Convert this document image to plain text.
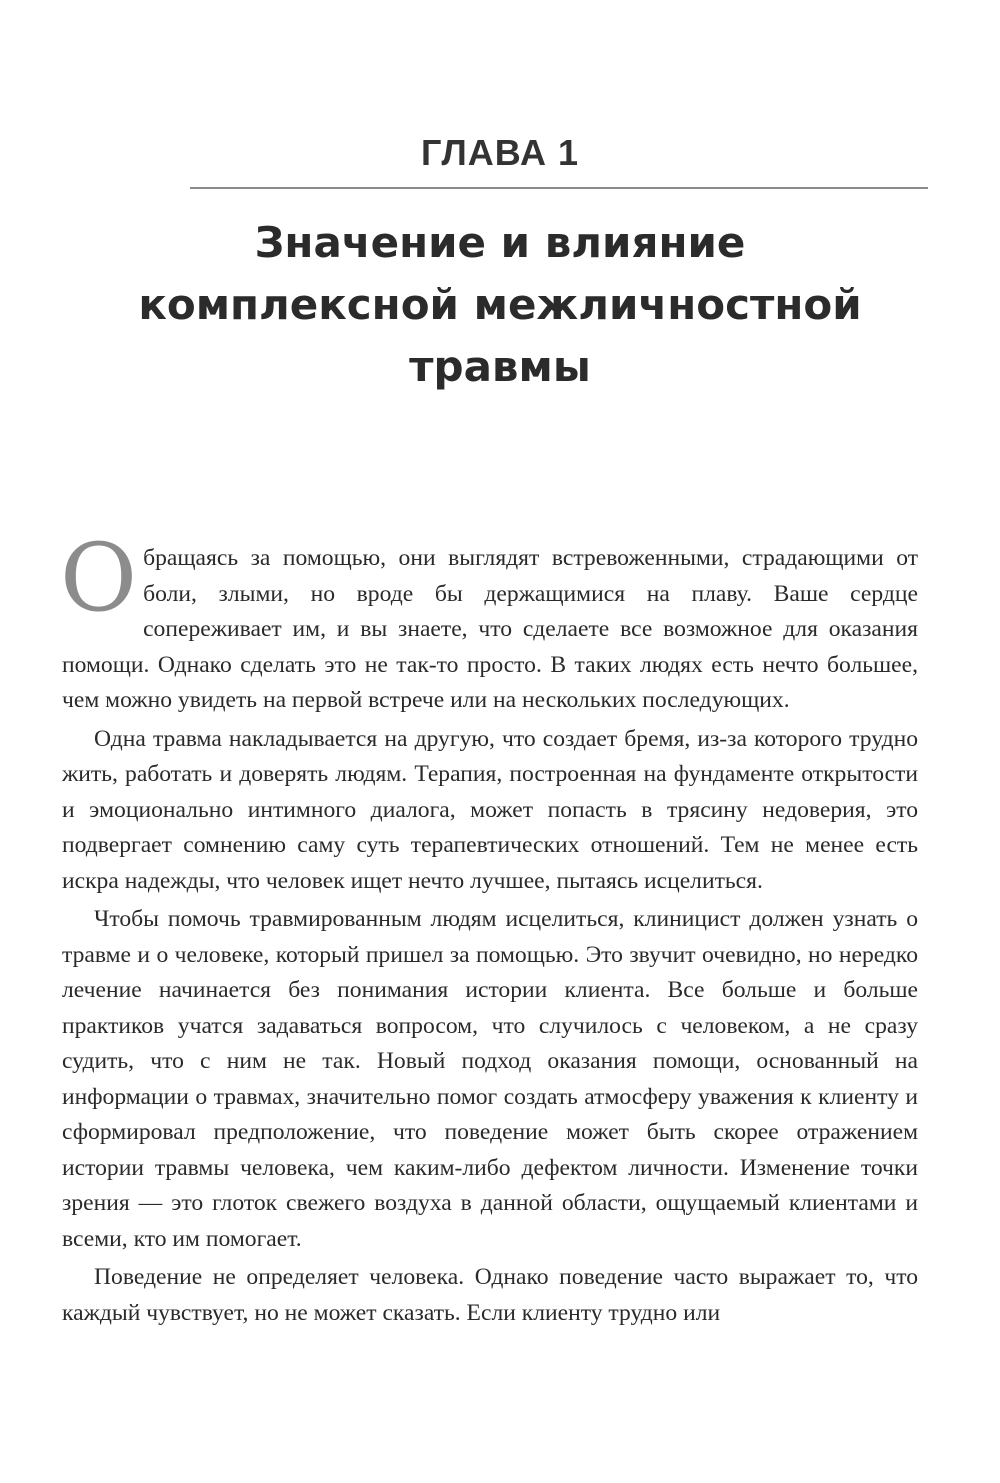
ГЛАВА 1
Значение и влияние
комплексной межличностной
травмы

Обращаясь за помощью, они выглядят встревоженными, страдающими от боли, злыми, но вроде бы держащимися на плаву. Ваше сердце сопереживает им, и вы знаете, что сделаете все возможное для оказания помощи. Однако сделать это не так-то просто. В таких людях есть нечто большее, чем можно увидеть на первой встрече или на нескольких последующих.

Одна травма накладывается на другую, что создает бремя, из-за которого трудно жить, работать и доверять людям. Терапия, построенная на фундаменте открытости и эмоционально интимного диалога, может попасть в трясину недоверия, это подвергает сомнению саму суть терапевтических отношений. Тем не менее есть искра надежды, что человек ищет нечто лучшее, пытаясь исцелиться.

Чтобы помочь травмированным людям исцелиться, клиницист должен узнать о травме и о человеке, который пришел за помощью. Это звучит очевидно, но нередко лечение начинается без понимания истории клиента. Все больше и больше практиков учатся задаваться вопросом, что случилось с человеком, а не сразу судить, что с ним не так. Новый подход оказания помощи, основанный на информации о травмах, значительно помог создать атмосферу уважения к клиенту и сформировал предположение, что поведение может быть скорее отражением истории травмы человека, чем каким-либо дефектом личности. Изменение точки зрения — это глоток свежего воздуха в данной области, ощущаемый клиентами и всеми, кто им помогает.

Поведение не определяет человека. Однако поведение часто выражает то, что каждый чувствует, но не может сказать. Если клиенту трудно или
